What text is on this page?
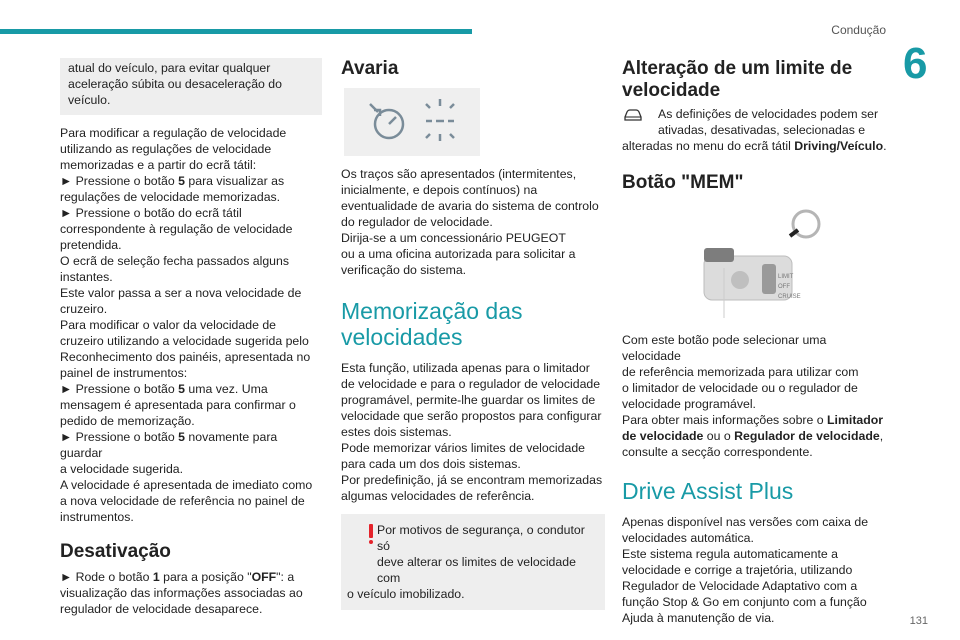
Condução
6
131

atual do veículo, para evitar qualquer aceleração súbita ou desaceleração do veículo.

Para modificar a regulação de velocidade
utilizando as regulações de velocidade
memorizadas e a partir do ecrã tátil:
► Pressione o botão 5 para visualizar as
regulações de velocidade memorizadas.
► Pressione o botão do ecrã tátil
correspondente à regulação de velocidade
pretendida.
O ecrã de seleção fecha passados alguns
instantes.
Este valor passa a ser a nova velocidade de
cruzeiro.
Para modificar o valor da velocidade de
cruzeiro utilizando a velocidade sugerida pelo
Reconhecimento dos painéis, apresentada no
painel de instrumentos:
► Pressione o botão 5 uma vez. Uma
mensagem é apresentada para confirmar o
pedido de memorização.
► Pressione o botão 5 novamente para guardar
a velocidade sugerida.
A velocidade é apresentada de imediato como
a nova velocidade de referência no painel de
instrumentos.
Desativação
► Rode o botão 1 para a posição "OFF": a
visualização das informações associadas ao
regulador de velocidade desaparece.
Avaria
Os traços são apresentados (intermitentes,
inicialmente, e depois contínuos) na
eventualidade de avaria do sistema de controlo
do regulador de velocidade.
Dirija-se a um concessionário PEUGEOT
ou a uma oficina autorizada para solicitar a
verificação do sistema.
Memorização das
velocidades
Esta função, utilizada apenas para o limitador
de velocidade e para o regulador de velocidade
programável, permite-lhe guardar os limites de
velocidade que serão propostos para configurar
estes dois sistemas.
Pode memorizar vários limites de velocidade
para cada um dos dois sistemas.
Por predefinição, já se encontram memorizadas
algumas velocidades de referência.
Por motivos de segurança, o condutor só
deve alterar os limites de velocidade com
o veículo imobilizado.
Alteração de um limite de
velocidade
As definições de velocidades podem ser
ativadas, desativadas, selecionadas e
alteradas no menu do ecrã tátil Driving/Veículo.
Botão "MEM"
LIMIT
OFF
CRUISE
Com este botão pode selecionar uma velocidade
de referência memorizada para utilizar com
o limitador de velocidade ou o regulador de
velocidade programável.
Para obter mais informações sobre o Limitador
de velocidade ou o Regulador de velocidade,
consulte a secção correspondente.
Drive Assist Plus
Apenas disponível nas versões com caixa de
velocidades automática.
Este sistema regula automaticamente a
velocidade e corrige a trajetória, utilizando
Regulador de Velocidade Adaptativo com a
função Stop & Go em conjunto com a função
Ajuda à manutenção de via.
